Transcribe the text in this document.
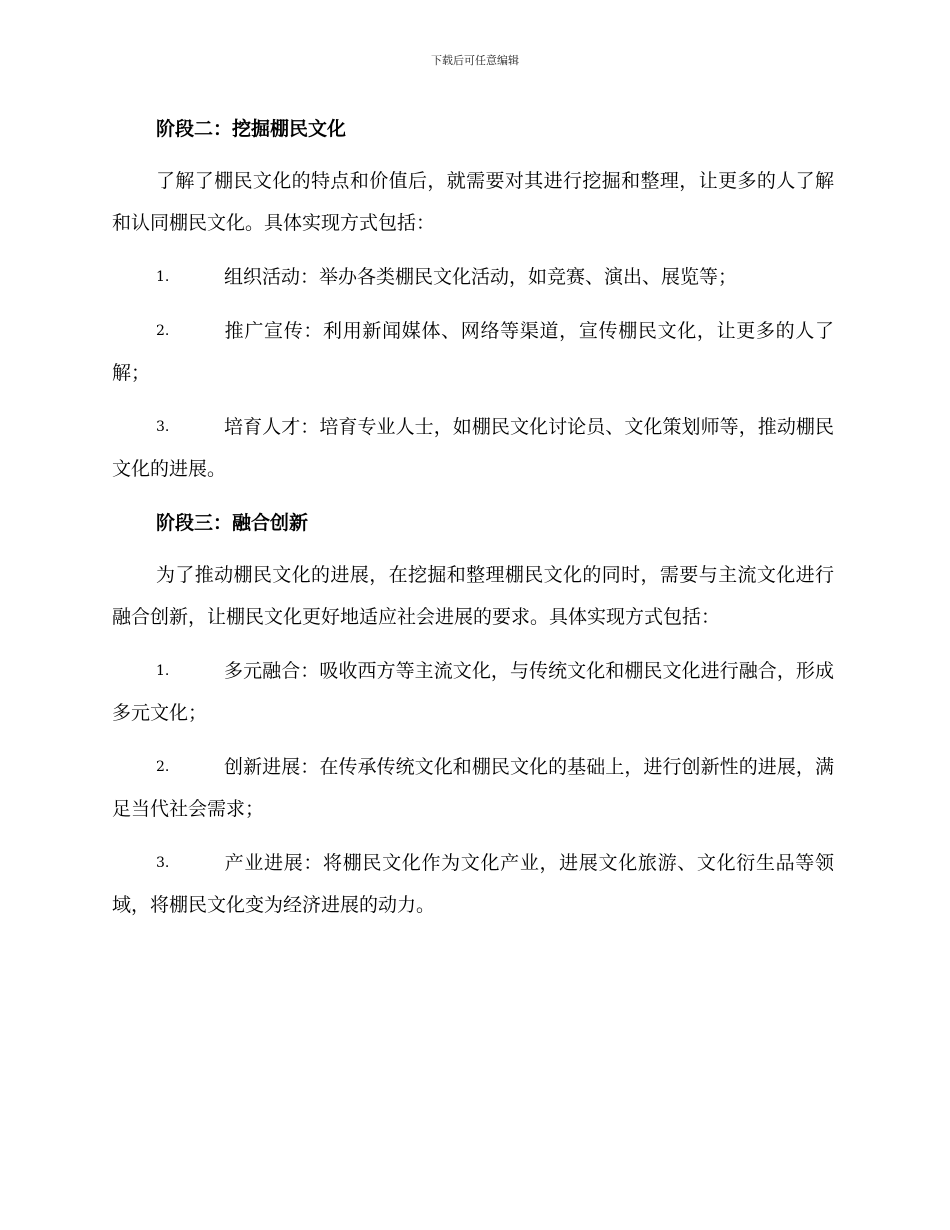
下载后可任意编辑
阶段二：挖掘棚民文化

了解了棚民文化的特点和价值后，就需要对其进行挖掘和整理，让更多的人了解和认同棚民文化。具体实现方式包括：

1.	组织活动：举办各类棚民文化活动，如竞赛、演出、展览等；

2.	推广宣传：利用新闻媒体、网络等渠道，宣传棚民文化，让更多的人了解；

3.	培育人才：培育专业人士，如棚民文化讨论员、文化策划师等，推动棚民文化的进展。

阶段三：融合创新

为了推动棚民文化的进展，在挖掘和整理棚民文化的同时，需要与主流文化进行融合创新，让棚民文化更好地适应社会进展的要求。具体实现方式包括：

1.	多元融合：吸收西方等主流文化，与传统文化和棚民文化进行融合，形成多元文化；

2.	创新进展：在传承传统文化和棚民文化的基础上，进行创新性的进展，满足当代社会需求；

3.	产业进展：将棚民文化作为文化产业，进展文化旅游、文化衍生品等领域，将棚民文化变为经济进展的动力。
